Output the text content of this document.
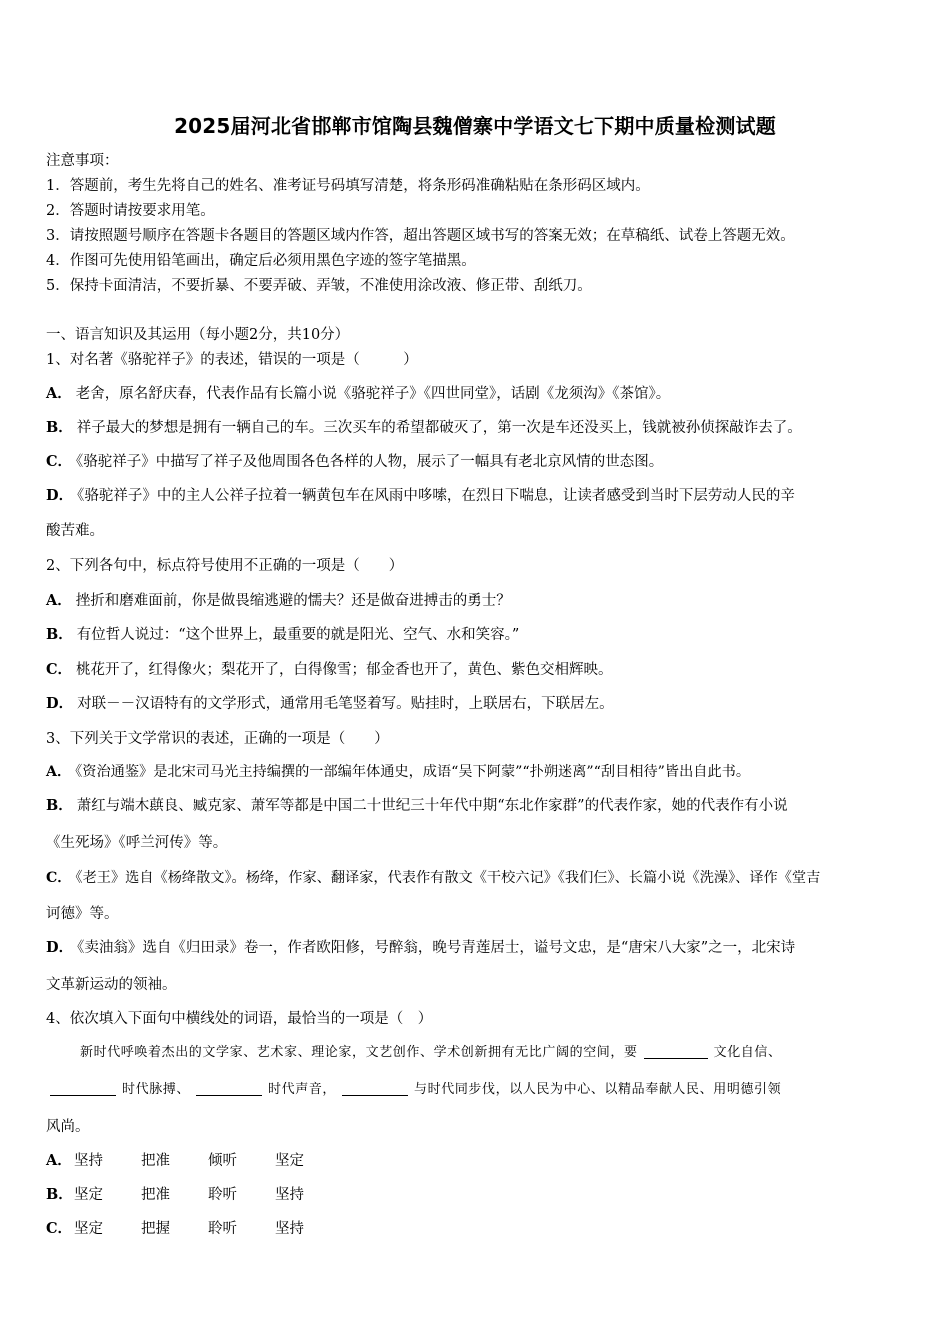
2025届河北省邯郸市馆陶县魏僧寨中学语文七下期中质量检测试题
注意事项：
1．答题前，考生先将自己的姓名、准考证号码填写清楚，将条形码准确粘贴在条形码区域内。
2．答题时请按要求用笔。
3．请按照题号顺序在答题卡各题目的答题区域内作答，超出答题区域书写的答案无效；在草稿纸、试卷上答题无效。
4．作图可先使用铅笔画出，确定后必须用黑色字迹的签字笔描黑。
5．保持卡面清洁，不要折暴、不要弄破、弄皱，不准使用涂改液、修正带、刮纸刀。
一、语言知识及其运用（每小题2分，共10分）
1、对名著《骆驼祥子》的表述，错误的一项是（　　　）
A． 老舍，原名舒庆春，代表作品有长篇小说《骆驼祥子》《四世同堂》，话剧《龙须沟》《茶馆》。
B． 祥子最大的梦想是拥有一辆自己的车。三次买车的希望都破灭了，第一次是车还没买上，钱就被孙侦探敲诈去了。
C． 《骆驼祥子》中描写了祥子及他周围各色各样的人物，展示了一幅具有老北京风情的世态图。
D． 《骆驼祥子》中的主人公祥子拉着一辆黄包车在风雨中哆嗦，在烈日下喘息，让读者感受到当时下层劳动人民的辛
酸苦难。
2、下列各句中，标点符号使用不正确的一项是（　　）
A． 挫折和磨难面前，你是做畏缩逃避的懦夫？还是做奋进搏击的勇士？
B． 有位哲人说过：“这个世界上，最重要的就是阳光、空气、水和笑容。”
C． 桃花开了，红得像火；梨花开了，白得像雪；郁金香也开了，黄色、紫色交相辉映。
D． 对联－－汉语特有的文学形式，通常用毛笔竖着写。贴挂时，上联居右，下联居左。
3、下列关于文学常识的表述，正确的一项是（　　）
A． 《资治通鉴》是北宋司马光主持编撰的一部编年体通史，成语“吴下阿蒙”“扑朔迷离”“刮目相待”皆出自此书。
B． 萧红与端木蕻良、臧克家、萧军等都是中国二十世纪三十年代中期“东北作家群”的代表作家，她的代表作有小说
《生死场》《呼兰河传》等。
C． 《老王》选自《杨绛散文》。杨绛，作家、翻译家，代表作有散文《干校六记》《我们仨》、长篇小说《洗澡》、译作《堂吉
诃德》等。
D． 《卖油翁》选自《归田录》卷一，作者欧阳修，号醉翁，晚号青莲居士，谥号文忠，是“唐宋八大家”之一，北宋诗
文革新运动的领袖。
4、依次填入下面句中横线处的词语，最恰当的一项是（　）
新时代呼唤着杰出的文学家、艺术家、理论家，文艺创作、学术创新拥有无比广阔的空间，要	文化自信、
时代脉搏、	时代声音，	与时代同步伐，以人民为中心、以精品奉献人民、用明德引领
风尚。
A． 坚持	把准	倾听	坚定
B．坚定	把准	聆听	坚持
C． 坚定	把握	聆听	坚持
